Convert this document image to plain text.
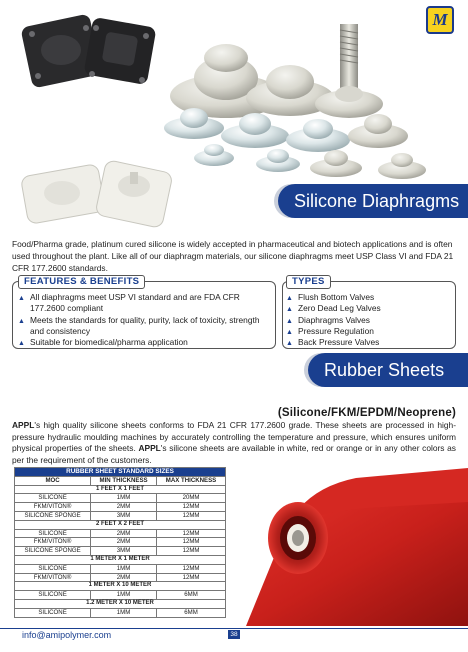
M
Silicone Diaphragms
Food/Pharma grade, platinum cured silicone is widely accepted in pharmaceutical and biotech applications and is often used throughout the plant. Like all of our diaphragm materials, our silicone diaphragms meet USP Class VI and FDA 21 CFR 177.2600 standards.
FEATURES & BENEFITS
▲ All diaphragms meet USP VI standard and are FDA CFR 177.2600 compliant
▲ Meets the standards for quality, purity, lack of toxicity, strength and consistency
▲ Suitable for biomedical/pharma application
TYPES
▲ Flush Bottom Valves
▲ Zero Dead Leg Valves
▲ Diaphragms Valves
▲ Pressure Regulation
▲ Back Pressure Valves
Rubber Sheets
(Silicone/FKM/EPDM/Neoprene)
APPL's high quality silicone sheets conforms to FDA 21 CFR 177.2600 grade. These sheets are processed in high-pressure hydraulic moulding machines by accurately controlling the temperature and pressure, which ensures uniform physical properties of the sheets. APPL's silicone sheets are available in white, red or orange or in any other colors as per the requirement of the customers.
RUBBER SHEET STANDARD SIZES		
MOC	MIN THICKNESS	MAX THICKNESS
1 FEET X 1 FEET		
SILICONE	1MM	20MM
FKM/VITON®	2MM	12MM
SILICONE SPONGE	3MM	12MM
2 FEET X 2 FEET		
SILICONE	2MM	12MM
FKM/VITON®	2MM	12MM
SILICONE SPONGE	3MM	12MM
1 METER X 1 METER		
SILICONE	1MM	12MM
FKM/VITON®	2MM	12MM
1 METER X 10 METER		
SILICONE	1MM	6MM
1.2 METER X 10 METER		
SILICONE	1MM	6MM
info@amipolymer.com	38
